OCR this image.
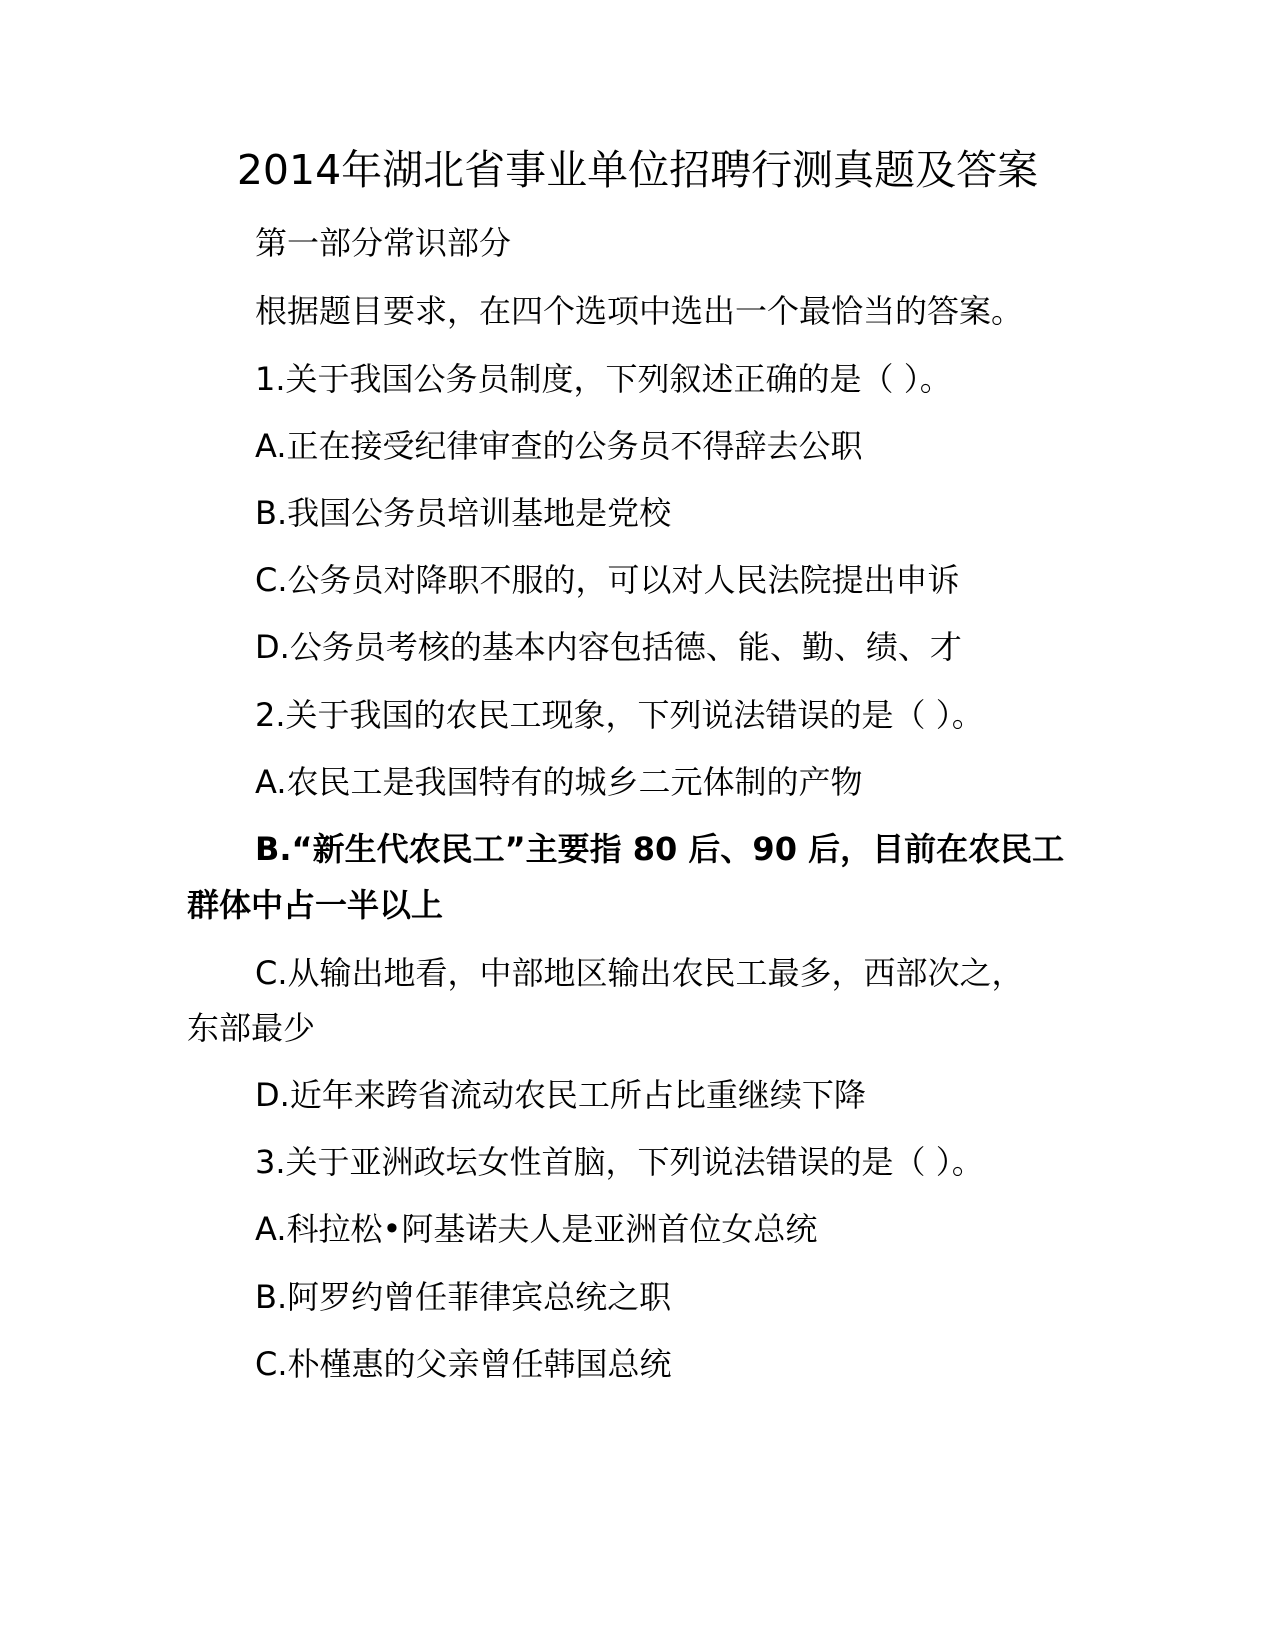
2014年湖北省事业单位招聘行测真题及答案
第一部分常识部分
根据题目要求，在四个选项中选出一个最恰当的答案。
1.关于我国公务员制度，下列叙述正确的是（ ）。
A.正在接受纪律审查的公务员不得辞去公职
B.我国公务员培训基地是党校
C.公务员对降职不服的，可以对人民法院提出申诉
D.公务员考核的基本内容包括德、能、勤、绩、才
2.关于我国的农民工现象，下列说法错误的是（ ）。
A.农民工是我国特有的城乡二元体制的产物
B.“新生代农民工”主要指 80 后、90 后，目前在农民工
群体中占一半以上
C.从输出地看，中部地区输出农民工最多，西部次之，
东部最少
D.近年来跨省流动农民工所占比重继续下降
3.关于亚洲政坛女性首脑，下列说法错误的是（ ）。
A.科拉松•阿基诺夫人是亚洲首位女总统
B.阿罗约曾任菲律宾总统之职
C.朴槿惠的父亲曾任韩国总统
